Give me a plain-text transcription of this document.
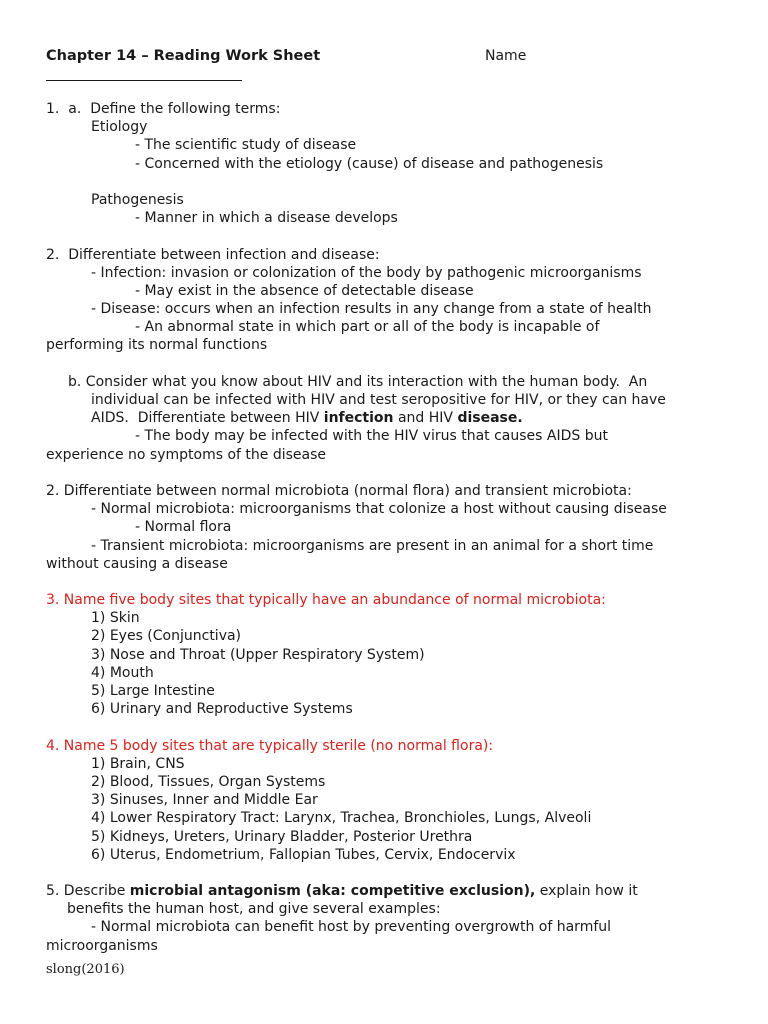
Chapter 14 – Reading Work Sheet	Name
1.  a.  Define the following terms:
Etiology
- The scientific study of disease
- Concerned with the etiology (cause) of disease and pathogenesis
Pathogenesis
- Manner in which a disease develops
2.  Differentiate between infection and disease:
- Infection: invasion or colonization of the body by pathogenic microorganisms
- May exist in the absence of detectable disease
- Disease: occurs when an infection results in any change from a state of health
- An abnormal state in which part or all of the body is incapable of
performing its normal functions
b. Consider what you know about HIV and its interaction with the human body.  An
individual can be infected with HIV and test seropositive for HIV, or they can have
AIDS.  Differentiate between HIV infection and HIV disease.
- The body may be infected with the HIV virus that causes AIDS but
experience no symptoms of the disease
2. Differentiate between normal microbiota (normal flora) and transient microbiota:
- Normal microbiota: microorganisms that colonize a host without causing disease
- Normal flora
- Transient microbiota: microorganisms are present in an animal for a short time
without causing a disease
3. Name five body sites that typically have an abundance of normal microbiota:
1) Skin
2) Eyes (Conjunctiva)
3) Nose and Throat (Upper Respiratory System)
4) Mouth
5) Large Intestine
6) Urinary and Reproductive Systems
4. Name 5 body sites that are typically sterile (no normal flora):
1) Brain, CNS
2) Blood, Tissues, Organ Systems
3) Sinuses, Inner and Middle Ear
4) Lower Respiratory Tract: Larynx, Trachea, Bronchioles, Lungs, Alveoli
5) Kidneys, Ureters, Urinary Bladder, Posterior Urethra
6) Uterus, Endometrium, Fallopian Tubes, Cervix, Endocervix
5. Describe microbial antagonism (aka: competitive exclusion), explain how it
benefits the human host, and give several examples:
- Normal microbiota can benefit host by preventing overgrowth of harmful
microorganisms
slong(2016)
